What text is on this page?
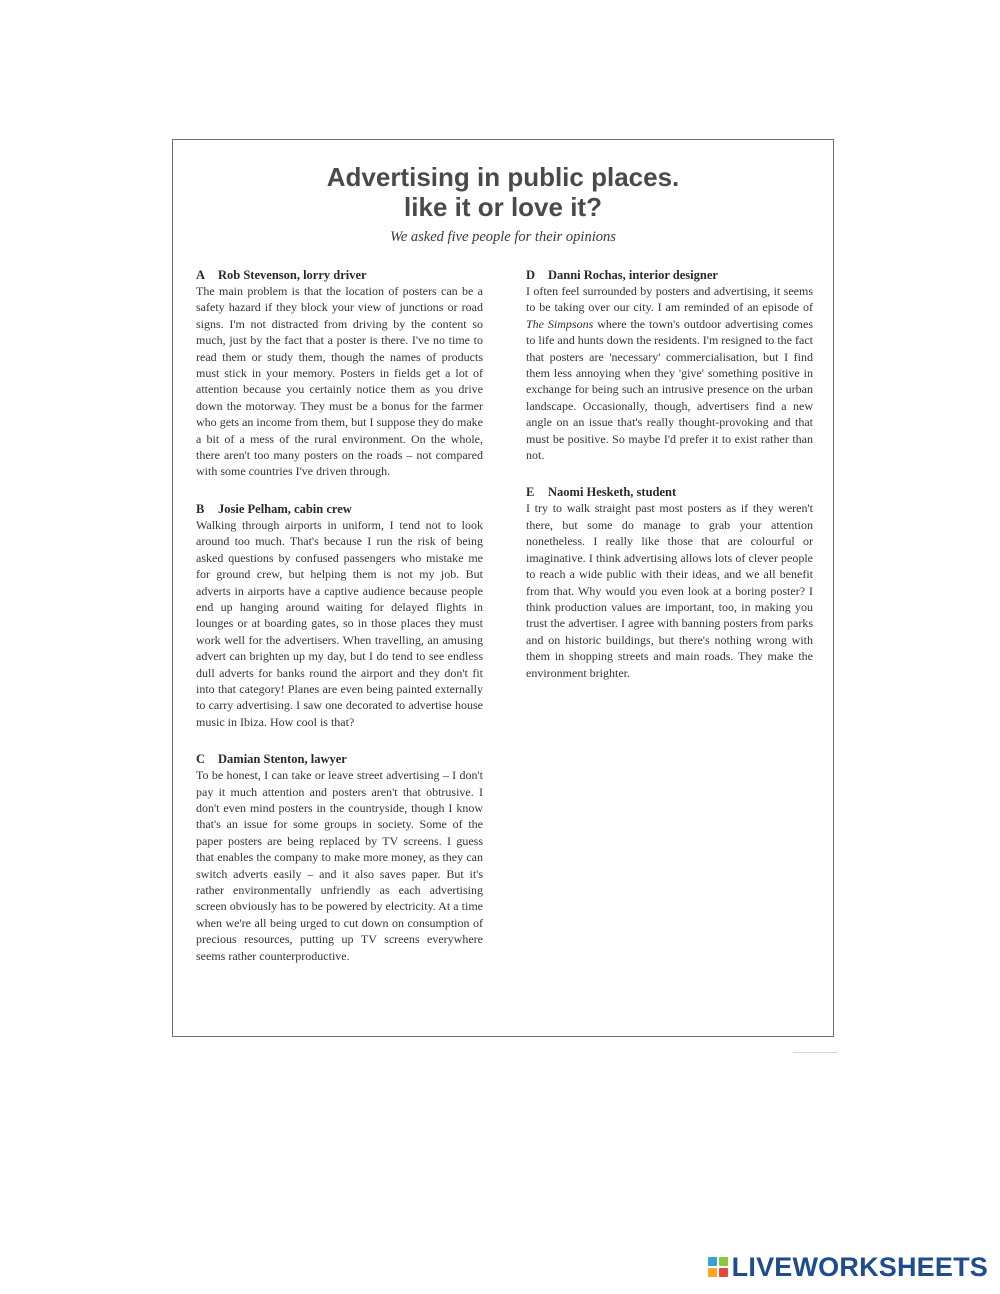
Advertising in public places.
like it or love it?
We asked five people for their opinions
A Rob Stevenson, lorry driver
The main problem is that the location of posters can be a safety hazard if they block your view of junctions or road signs. I'm not distracted from driving by the content so much, just by the fact that a poster is there. I've no time to read them or study them, though the names of products must stick in your memory. Posters in fields get a lot of attention because you certainly notice them as you drive down the motorway. They must be a bonus for the farmer who gets an income from them, but I suppose they do make a bit of a mess of the rural environment. On the whole, there aren't too many posters on the roads – not compared with some countries I've driven through.
B Josie Pelham, cabin crew
Walking through airports in uniform, I tend not to look around too much. That's because I run the risk of being asked questions by confused passengers who mistake me for ground crew, but helping them is not my job. But adverts in airports have a captive audience because people end up hanging around waiting for delayed flights in lounges or at boarding gates, so in those places they must work well for the advertisers. When travelling, an amusing advert can brighten up my day, but I do tend to see endless dull adverts for banks round the airport and they don't fit into that category! Planes are even being painted externally to carry advertising. I saw one decorated to advertise house music in Ibiza. How cool is that?
C Damian Stenton, lawyer
To be honest, I can take or leave street advertising – I don't pay it much attention and posters aren't that obtrusive. I don't even mind posters in the countryside, though I know that's an issue for some groups in society. Some of the paper posters are being replaced by TV screens. I guess that enables the company to make more money, as they can switch adverts easily – and it also saves paper. But it's rather environmentally unfriendly as each advertising screen obviously has to be powered by electricity. At a time when we're all being urged to cut down on consumption of precious resources, putting up TV screens everywhere seems rather counterproductive.
D Danni Rochas, interior designer
I often feel surrounded by posters and advertising, it seems to be taking over our city. I am reminded of an episode of The Simpsons where the town's outdoor advertising comes to life and hunts down the residents. I'm resigned to the fact that posters are 'necessary' commercialisation, but I find them less annoying when they 'give' something positive in exchange for being such an intrusive presence on the urban landscape. Occasionally, though, advertisers find a new angle on an issue that's really thought-provoking and that must be positive. So maybe I'd prefer it to exist rather than not.
E Naomi Hesketh, student
I try to walk straight past most posters as if they weren't there, but some do manage to grab your attention nonetheless. I really like those that are colourful or imaginative. I think advertising allows lots of clever people to reach a wide public with their ideas, and we all benefit from that. Why would you even look at a boring poster? I think production values are important, too, in making you trust the advertiser. I agree with banning posters from parks and on historic buildings, but there's nothing wrong with them in shopping streets and main roads. They make the environment brighter.
LIVEWORKSHEETS
